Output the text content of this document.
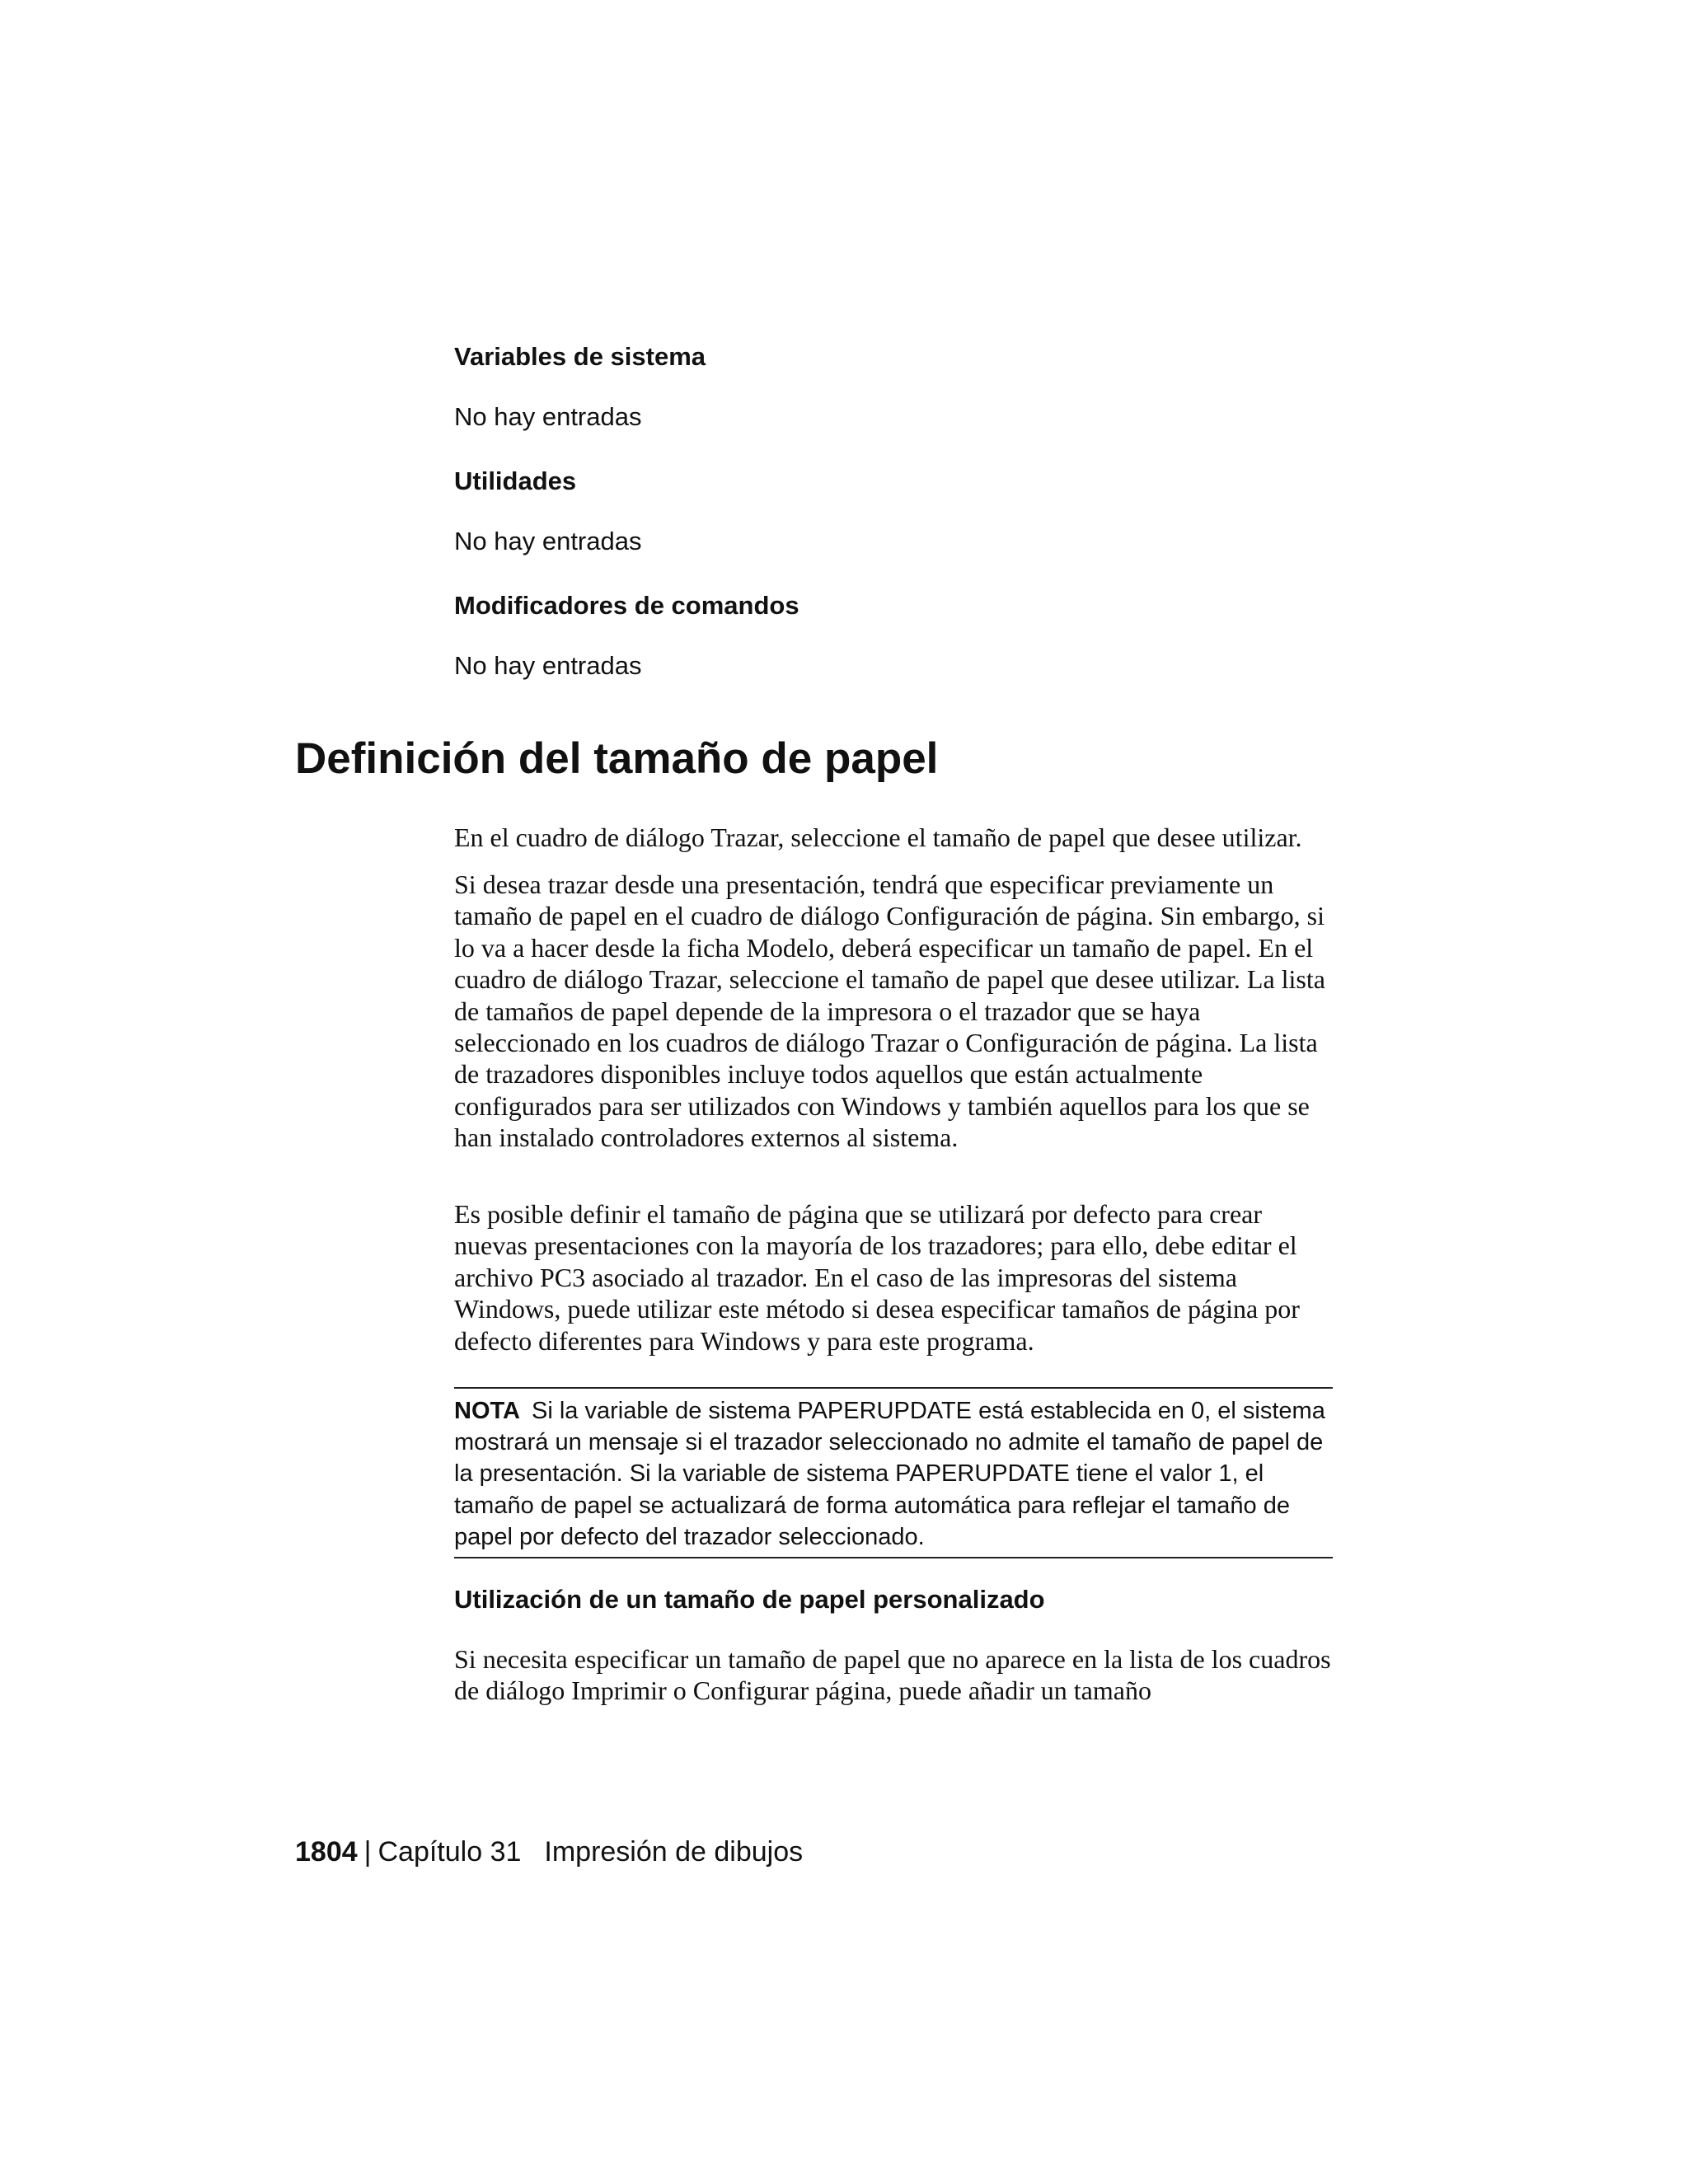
Variables de sistema

No hay entradas

Utilidades

No hay entradas

Modificadores de comandos

No hay entradas

Definición del tamaño de papel

En el cuadro de diálogo Trazar, seleccione el tamaño de papel que desee utilizar.

Si desea trazar desde una presentación, tendrá que especificar previamente un tamaño de papel en el cuadro de diálogo Configuración de página. Sin embargo, si lo va a hacer desde la ficha Modelo, deberá especificar un tamaño de papel. En el cuadro de diálogo Trazar, seleccione el tamaño de papel que desee utilizar. La lista de tamaños de papel depende de la impresora o el trazador que se haya seleccionado en los cuadros de diálogo Trazar o Configuración de página. La lista de trazadores disponibles incluye todos aquellos que están actualmente configurados para ser utilizados con Windows y también aquellos para los que se han instalado controladores externos al sistema.

Es posible definir el tamaño de página que se utilizará por defecto para crear nuevas presentaciones con la mayoría de los trazadores; para ello, debe editar el archivo PC3 asociado al trazador. En el caso de las impresoras del sistema Windows, puede utilizar este método si desea especificar tamaños de página por defecto diferentes para Windows y para este programa.

NOTA Si la variable de sistema PAPERUPDATE está establecida en 0, el sistema mostrará un mensaje si el trazador seleccionado no admite el tamaño de papel de la presentación. Si la variable de sistema PAPERUPDATE tiene el valor 1, el tamaño de papel se actualizará de forma automática para reflejar el tamaño de papel por defecto del trazador seleccionado.

Utilización de un tamaño de papel personalizado

Si necesita especificar un tamaño de papel que no aparece en la lista de los cuadros de diálogo Imprimir o Configurar página, puede añadir un tamaño

1804 | Capítulo 31 Impresión de dibujos
